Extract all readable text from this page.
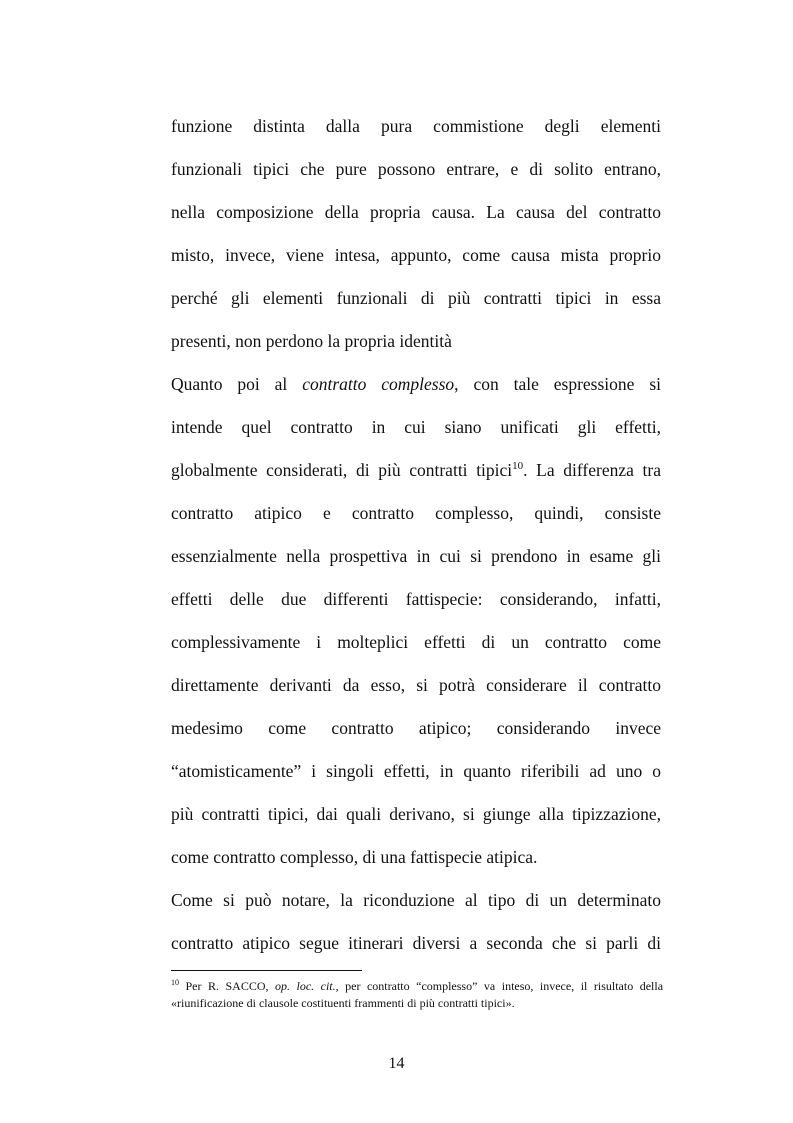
funzione distinta dalla pura commistione degli elementi
funzionali tipici che pure possono entrare, e di solito entrano,
nella composizione della propria causa. La causa del contratto
misto, invece, viene intesa, appunto, come causa mista proprio
perché gli elementi funzionali di più contratti tipici in essa
presenti, non perdono la propria identità
Quanto poi al contratto complesso, con tale espressione si
intende quel contratto in cui siano unificati gli effetti,
globalmente considerati, di più contratti tipici$^{10}$. La differenza tra
contratto atipico e contratto complesso, quindi, consiste
essenzialmente nella prospettiva in cui si prendono in esame gli
effetti delle due differenti fattispecie: considerando, infatti,
complessivamente i molteplici effetti di un contratto come
direttamente derivanti da esso, si potrà considerare il contratto
medesimo come contratto atipico; considerando invece
“atomisticamente” i singoli effetti, in quanto riferibili ad uno o
più contratti tipici, dai quali derivano, si giunge alla tipizzazione,
come contratto complesso, di una fattispecie atipica.
Come si può notare, la riconduzione al tipo di un determinato
contratto atipico segue itinerari diversi a seconda che si parli di
$^{10}$ Per R. SACCO, op. loc. cit., per contratto “complesso” va inteso, invece, il risultato della
«riunificazione di clausole costituenti frammenti di più contratti tipici».
14
